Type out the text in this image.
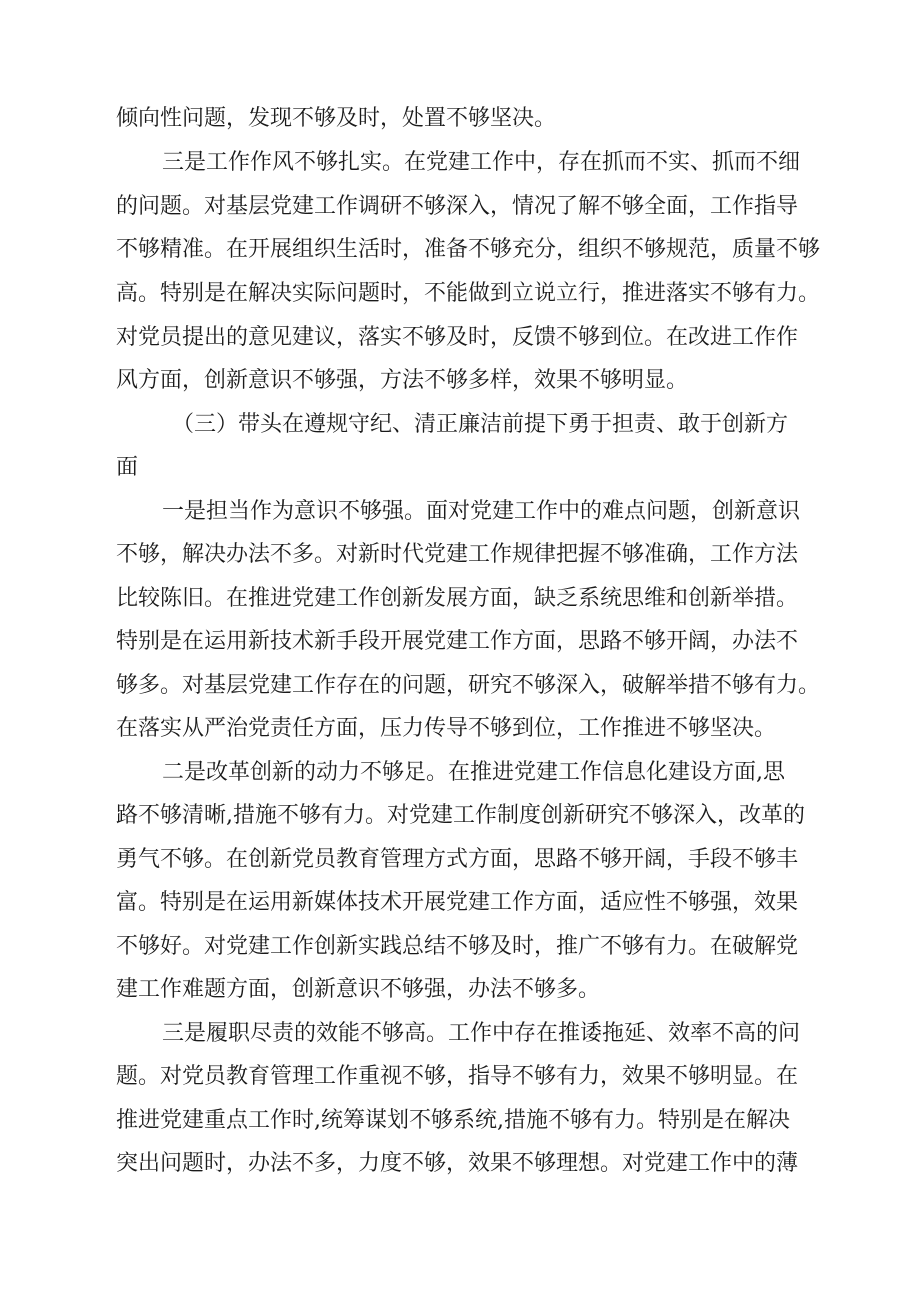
倾向性问题，发现不够及时，处置不够坚决。
三是工作作风不够扎实。在党建工作中，存在抓而不实、抓而不细
的问题。对基层党建工作调研不够深入，情况了解不够全面，工作指导
不够精准。在开展组织生活时，准备不够充分，组织不够规范，质量不够
高。特别是在解决实际问题时，不能做到立说立行，推进落实不够有力。
对党员提出的意见建议，落实不够及时，反馈不够到位。在改进工作作
风方面，创新意识不够强，方法不够多样，效果不够明显。
（三）带头在遵规守纪、清正廉洁前提下勇于担责、敢于创新方
面
一是担当作为意识不够强。面对党建工作中的难点问题，创新意识
不够，解决办法不多。对新时代党建工作规律把握不够准确，工作方法
比较陈旧。在推进党建工作创新发展方面，缺乏系统思维和创新举措。
特别是在运用新技术新手段开展党建工作方面，思路不够开阔，办法不
够多。对基层党建工作存在的问题，研究不够深入，破解举措不够有力。
在落实从严治党责任方面，压力传导不够到位，工作推进不够坚决。
二是改革创新的动力不够足。在推进党建工作信息化建设方面,思
路不够清晰,措施不够有力。对党建工作制度创新研究不够深入，改革的
勇气不够。在创新党员教育管理方式方面，思路不够开阔，手段不够丰
富。特别是在运用新媒体技术开展党建工作方面，适应性不够强，效果
不够好。对党建工作创新实践总结不够及时，推广不够有力。在破解党
建工作难题方面，创新意识不够强，办法不够多。
三是履职尽责的效能不够高。工作中存在推诿拖延、效率不高的问
题。对党员教育管理工作重视不够，指导不够有力，效果不够明显。在
推进党建重点工作时,统筹谋划不够系统,措施不够有力。特别是在解决
突出问题时，办法不多，力度不够，效果不够理想。对党建工作中的薄
